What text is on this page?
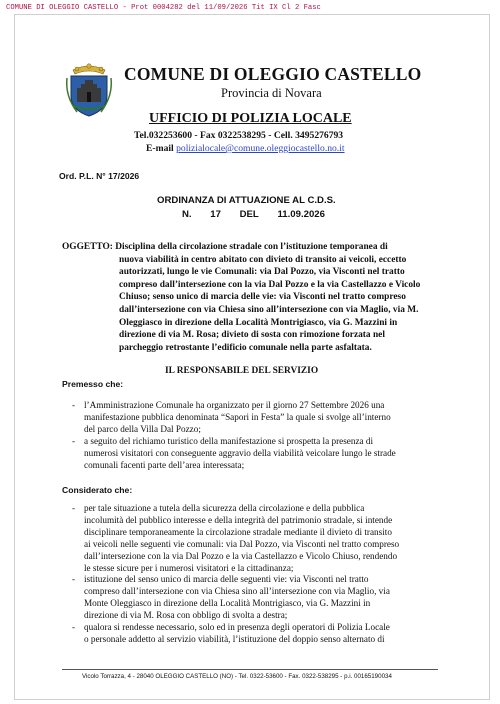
COMUNE DI OLEGGIO CASTELLO - Prot 0004282 del 11/09/2026 Tit IX Cl 2 Fasc
COMUNE DI OLEGGIO CASTELLO
Provincia di Novara
UFFICIO DI POLIZIA LOCALE
Tel.032253600 - Fax 0322538295 - Cell. 3495276793
E-mail polizialocale@comune.oleggiocastello.no.it
Ord. P.L. N° 17/2026
ORDINANZA DI ATTUAZIONE AL C.D.S.
N. 17 DEL 11.09.2026
OGGETTO: Disciplina della circolazione stradale con l’istituzione temporanea di
nuova viabilità in centro abitato con divieto di transito ai veicoli, eccetto
autorizzati, lungo le vie Comunali: via Dal Pozzo, via Visconti nel tratto
compreso dall’intersezione con la via Dal Pozzo e la via Castellazzo e Vicolo
Chiuso; senso unico di marcia delle vie: via Visconti nel tratto compreso
dall’intersezione con via Chiesa sino all’intersezione con via Maglio, via M.
Oleggiasco in direzione della Località Montrigiasco, via G. Mazzini in
direzione di via M. Rosa; divieto di sosta con rimozione forzata nel
parcheggio retrostante l’edificio comunale nella parte asfaltata.
IL RESPONSABILE DEL SERVIZIO
Premesso che:
- l’Amministrazione Comunale ha organizzato per il giorno 27 Settembre 2026 una
manifestazione pubblica denominata “Sapori in Festa” la quale si svolge all’interno
del parco della Villa Dal Pozzo;
- a seguito del richiamo turistico della manifestazione si prospetta la presenza di
numerosi visitatori con conseguente aggravio della viabilità veicolare lungo le strade
comunali facenti parte dell’area interessata;
Considerato che:
- per tale situazione a tutela della sicurezza della circolazione e della pubblica
incolumità del pubblico interesse e della integrità del patrimonio stradale, si intende
disciplinare temporaneamente la circolazione stradale mediante il divieto di transito
ai veicoli nelle seguenti vie comunali: via Dal Pozzo, via Visconti nel tratto compreso
dall’intersezione con la via Dal Pozzo e la via Castellazzo e Vicolo Chiuso, rendendo
le stesse sicure per i numerosi visitatori e la cittadinanza;
- istituzione del senso unico di marcia delle seguenti vie: via Visconti nel tratto
compreso dall’intersezione con via Chiesa sino all’intersezione con via Maglio, via
Monte Oleggiasco in direzione della Località Montrigiasco, via G. Mazzini in
direzione di via M. Rosa con obbligo di svolta a destra;
- qualora si rendesse necessario, solo ed in presenza degli operatori di Polizia Locale
o personale addetto al servizio viabilità, l’istituzione del doppio senso alternato di
Vicolo Torrazza, 4 - 28040 OLEGGIO CASTELLO (NO) - Tel. 0322-53600 - Fax. 0322-538295 - p.i. 00165190034
